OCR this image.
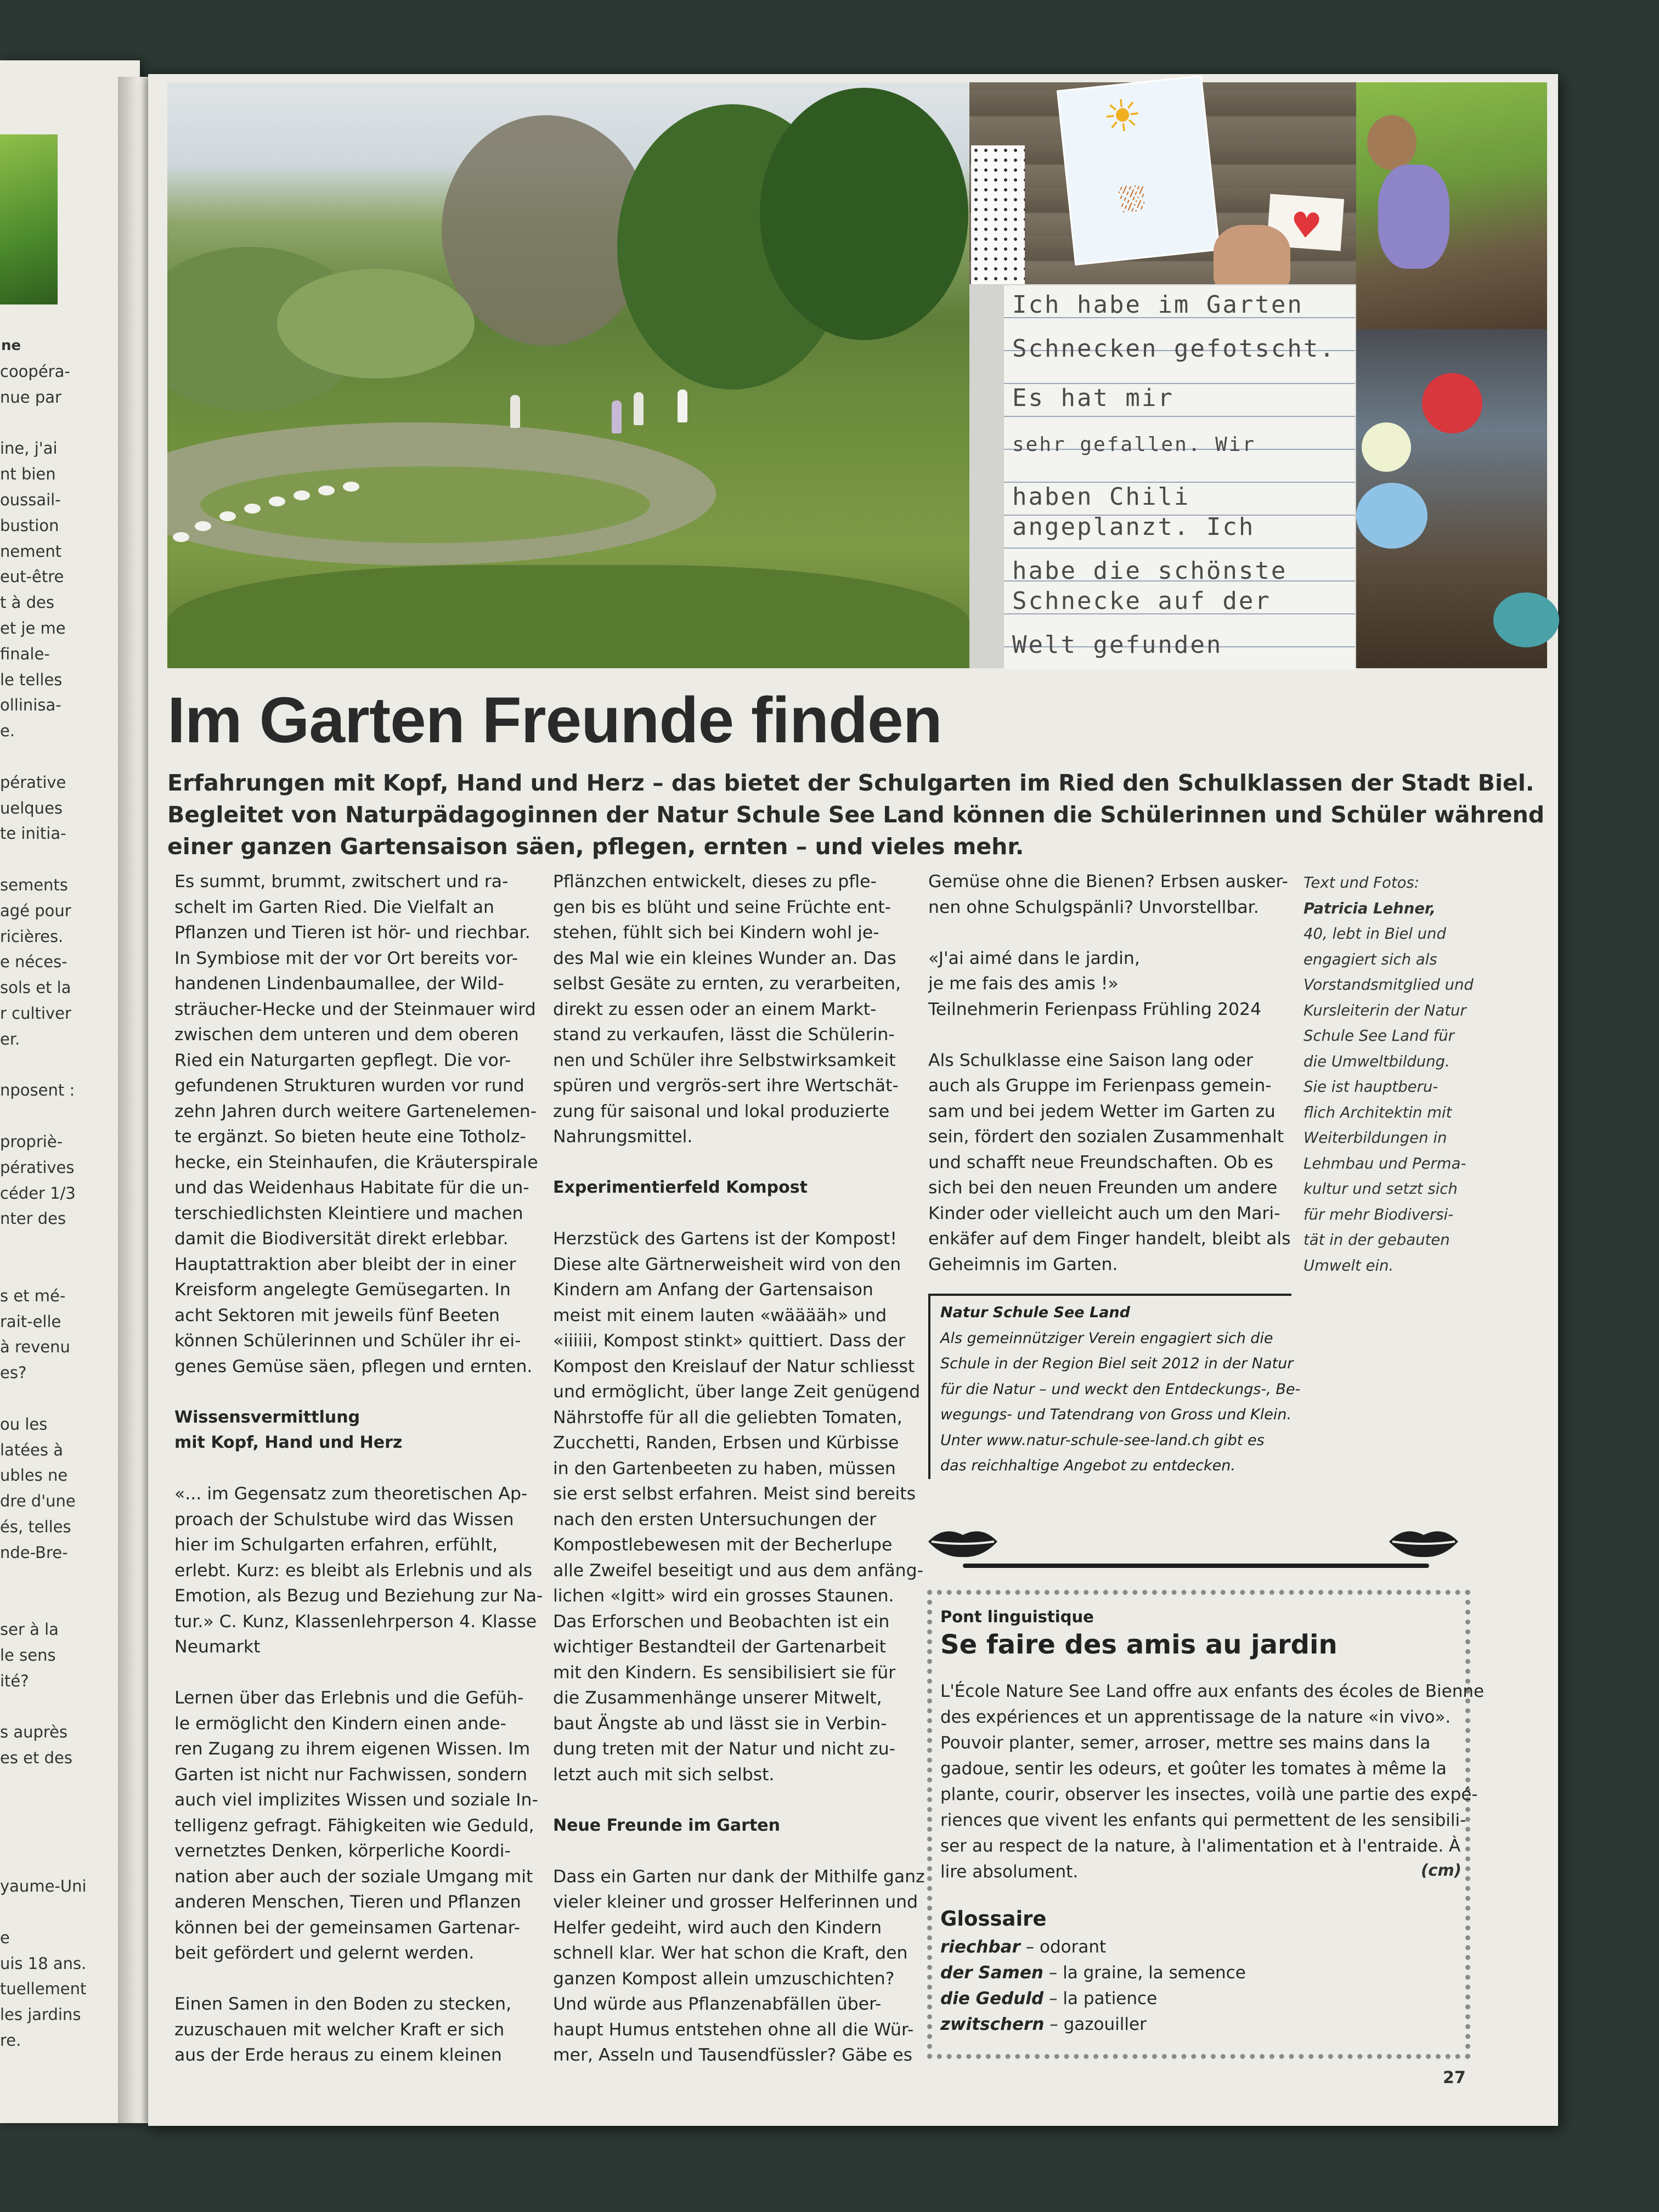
ne
coopéra-
nue par
ine, j'ai
nt bien
oussail-
bustion
nement
eut-être
t à des
et je me
finale-
le telles
ollinisa-
e.
pérative
uelques
te initia-
sements
agé pour
ricières.
e néces-
sols et la
r cultiver
er.
nposent :
propriè-
pératives
céder 1/3
nter des
s et mé-
rait-elle
à revenu
es?
ou les
latées à
ubles ne
dre d'une
és, telles
nde-Bre-
ser à la
le sens
ité?
s auprès
es et des
yaume-Uni
e
uis 18 ans.
tuellement
les jardins
re.
☀
⛆
♥
Ich habe im Garten
Schnecken gefotscht.
Es hat mir
sehr gefallen. Wir
haben Chili
angeplanzt. Ich
habe die schönste
Schnecke auf der
Welt gefunden
Im Garten Freunde finden
Erfahrungen mit Kopf, Hand und Herz – das bietet der Schulgarten im Ried den Schulklassen der Stadt Biel.
Begleitet von Naturpädagoginnen der Natur Schule See Land können die Schülerinnen und Schüler während
einer ganzen Gartensaison säen, pflegen, ernten – und vieles mehr.
Es summt, brummt, zwitschert und ra-
schelt im Garten Ried. Die Vielfalt an
Pflanzen und Tieren ist hör- und riechbar.
In Symbiose mit der vor Ort bereits vor-
handenen Lindenbaumallee, der Wild-
sträucher-Hecke und der Steinmauer wird
zwischen dem unteren und dem oberen
Ried ein Naturgarten gepflegt. Die vor-
gefundenen Strukturen wurden vor rund
zehn Jahren durch weitere Gartenelemen-
te ergänzt. So bieten heute eine Totholz-
hecke, ein Steinhaufen, die Kräuterspirale
und das Weidenhaus Habitate für die un-
terschiedlichsten Kleintiere und machen
damit die Biodiversität direkt erlebbar.
Hauptattraktion aber bleibt der in einer
Kreisform angelegte Gemüsegarten. In
acht Sektoren mit jeweils fünf Beeten
können Schülerinnen und Schüler ihr ei-
genes Gemüse säen, pflegen und ernten.
Wissensvermittlung
mit Kopf, Hand und Herz
«... im Gegensatz zum theoretischen Ap-
proach der Schulstube wird das Wissen
hier im Schulgarten erfahren, erfühlt,
erlebt. Kurz: es bleibt als Erlebnis und als
Emotion, als Bezug und Beziehung zur Na-
tur.» C. Kunz, Klassenlehrperson 4. Klasse
Neumarkt
Lernen über das Erlebnis und die Gefüh-
le ermöglicht den Kindern einen ande-
ren Zugang zu ihrem eigenen Wissen. Im
Garten ist nicht nur Fachwissen, sondern
auch viel implizites Wissen und soziale In-
telligenz gefragt. Fähigkeiten wie Geduld,
vernetztes Denken, körperliche Koordi-
nation aber auch der soziale Umgang mit
anderen Menschen, Tieren und Pflanzen
können bei der gemeinsamen Gartenar-
beit gefördert und gelernt werden.
Einen Samen in den Boden zu stecken,
zuzuschauen mit welcher Kraft er sich
aus der Erde heraus zu einem kleinen
Pflänzchen entwickelt, dieses zu pfle-
gen bis es blüht und seine Früchte ent-
stehen, fühlt sich bei Kindern wohl je-
des Mal wie ein kleines Wunder an. Das
selbst Gesäte zu ernten, zu verarbeiten,
direkt zu essen oder an einem Markt-
stand zu verkaufen, lässt die Schülerin-
nen und Schüler ihre Selbstwirksamkeit
spüren und vergrös-sert ihre Wertschät-
zung für saisonal und lokal produzierte
Nahrungsmittel.
Experimentierfeld Kompost
Herzstück des Gartens ist der Kompost!
Diese alte Gärtnerweisheit wird von den
Kindern am Anfang der Gartensaison
meist mit einem lauten «wääääh» und
«iiiiii, Kompost stinkt» quittiert. Dass der
Kompost den Kreislauf der Natur schliesst
und ermöglicht, über lange Zeit genügend
Nährstoffe für all die geliebten Tomaten,
Zucchetti, Randen, Erbsen und Kürbisse
in den Gartenbeeten zu haben, müssen
sie erst selbst erfahren. Meist sind bereits
nach den ersten Untersuchungen der
Kompostlebewesen mit der Becherlupe
alle Zweifel beseitigt und aus dem anfäng-
lichen «Igitt» wird ein grosses Staunen.
Das Erforschen und Beobachten ist ein
wichtiger Bestandteil der Gartenarbeit
mit den Kindern. Es sensibilisiert sie für
die Zusammenhänge unserer Mitwelt,
baut Ängste ab und lässt sie in Verbin-
dung treten mit der Natur und nicht zu-
letzt auch mit sich selbst.
Neue Freunde im Garten
Dass ein Garten nur dank der Mithilfe ganz
vieler kleiner und grosser Helferinnen und
Helfer gedeiht, wird auch den Kindern
schnell klar. Wer hat schon die Kraft, den
ganzen Kompost allein umzuschichten?
Und würde aus Pflanzenabfällen über-
haupt Humus entstehen ohne all die Wür-
mer, Asseln und Tausendfüssler? Gäbe es
Gemüse ohne die Bienen? Erbsen ausker-
nen ohne Schulgspänli? Unvorstellbar.
«J'ai aimé dans le jardin,
je me fais des amis !»
Teilnehmerin Ferienpass Frühling 2024
Als Schulklasse eine Saison lang oder
auch als Gruppe im Ferienpass gemein-
sam und bei jedem Wetter im Garten zu
sein, fördert den sozialen Zusammenhalt
und schafft neue Freundschaften. Ob es
sich bei den neuen Freunden um andere
Kinder oder vielleicht auch um den Mari-
enkäfer auf dem Finger handelt, bleibt als
Geheimnis im Garten.
Natur Schule See Land
Als gemeinnütziger Verein engagiert sich die
Schule in der Region Biel seit 2012 in der Natur
für die Natur – und weckt den Entdeckungs-, Be-
wegungs- und Tatendrang von Gross und Klein.
Unter www.natur-schule-see-land.ch gibt es
das reichhaltige Angebot zu entdecken.
Text und Fotos:
Patricia Lehner,
40, lebt in Biel und
engagiert sich als
Vorstandsmitglied und
Kursleiterin der Natur
Schule See Land für
die Umweltbildung.
Sie ist hauptberu-
flich Architektin mit
Weiterbildungen in
Lehmbau und Perma-
kultur und setzt sich
für mehr Biodiversi-
tät in der gebauten
Umwelt ein.
Pont linguistique
Se faire des amis au jardin
L'École Nature See Land offre aux enfants des écoles de Bienne
des expériences et un apprentissage de la nature «in vivo».
Pouvoir planter, semer, arroser, mettre ses mains dans la
gadoue, sentir les odeurs, et goûter les tomates à même la
plante, courir, observer les insectes, voilà une partie des expé-
riences que vivent les enfants qui permettent de les sensibili-
ser au respect de la nature, à l'alimentation et à l'entraide. À
lire absolument.	(cm)
Glossaire
riechbar – odorant
der Samen – la graine, la semence
die Geduld – la patience
zwitschern – gazouiller
27
